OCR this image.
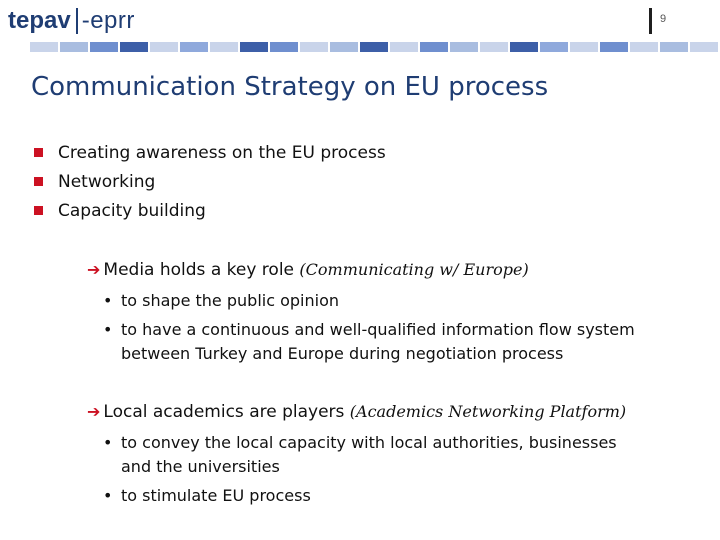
tepav -eprr	9
Communication Strategy on EU process
Creating awareness on the EU process
Networking
Capacity building
➔ Media holds a key role (Communicating w/ Europe)
• to shape the public opinion
• to have a continuous and well-qualified information flow system
between Turkey and Europe during negotiation process
➔ Local academics are players (Academics Networking Platform)
• to convey the local capacity with local authorities, businesses
and the universities
• to stimulate EU process
